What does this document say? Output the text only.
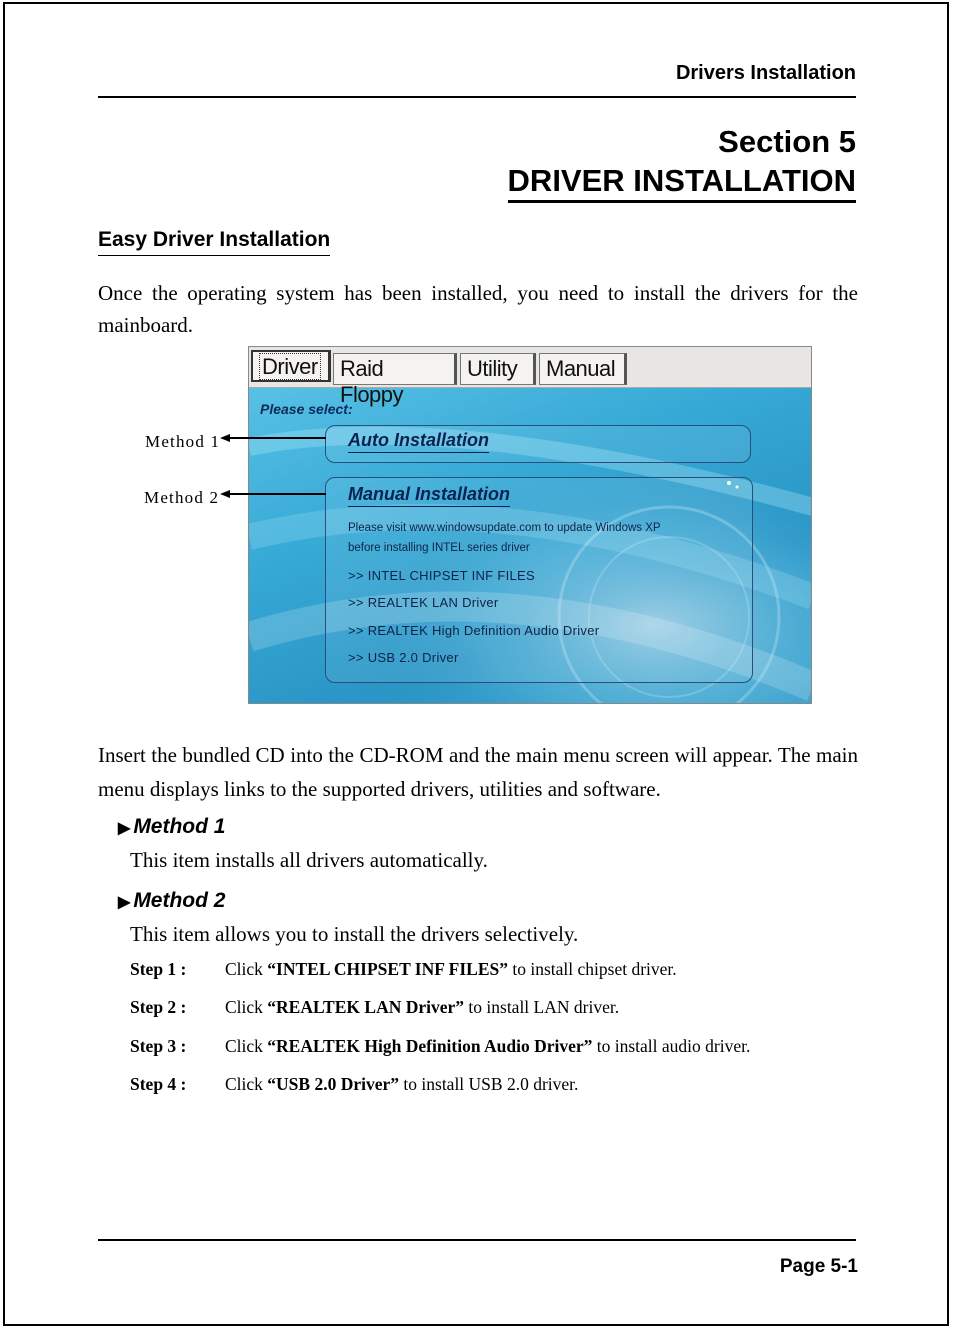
Drivers Installation
Section 5
DRIVER INSTALLATION
Easy Driver Installation
Once the operating system has been installed, you need to install the drivers for the mainboard.
Driver	Raid Floppy
Utility	Manual
Please select:
Auto Installation
Manual Installation
Please visit www.windowsupdate.com to update Windows XP
before installing INTEL series driver
>> INTEL CHIPSET INF FILES
>> REALTEK LAN Driver
>> REALTEK High Definition Audio Driver
>> USB 2.0 Driver
Method 1
Method 2
Insert the bundled CD into the CD-ROM and the main menu screen will appear. The main menu displays links to the supported drivers, utilities and software.
▶ Method 1
This item installs all drivers automatically.
▶ Method 2
This item allows you to install the drivers selectively.
Step 1 : Click “INTEL CHIPSET INF FILES” to install chipset driver.
Step 2 : Click “REALTEK LAN Driver” to install LAN driver.
Step 3 : Click “REALTEK High Definition Audio Driver” to install audio driver.
Step 4 : Click “USB 2.0 Driver” to install USB 2.0 driver.
Page 5-1
